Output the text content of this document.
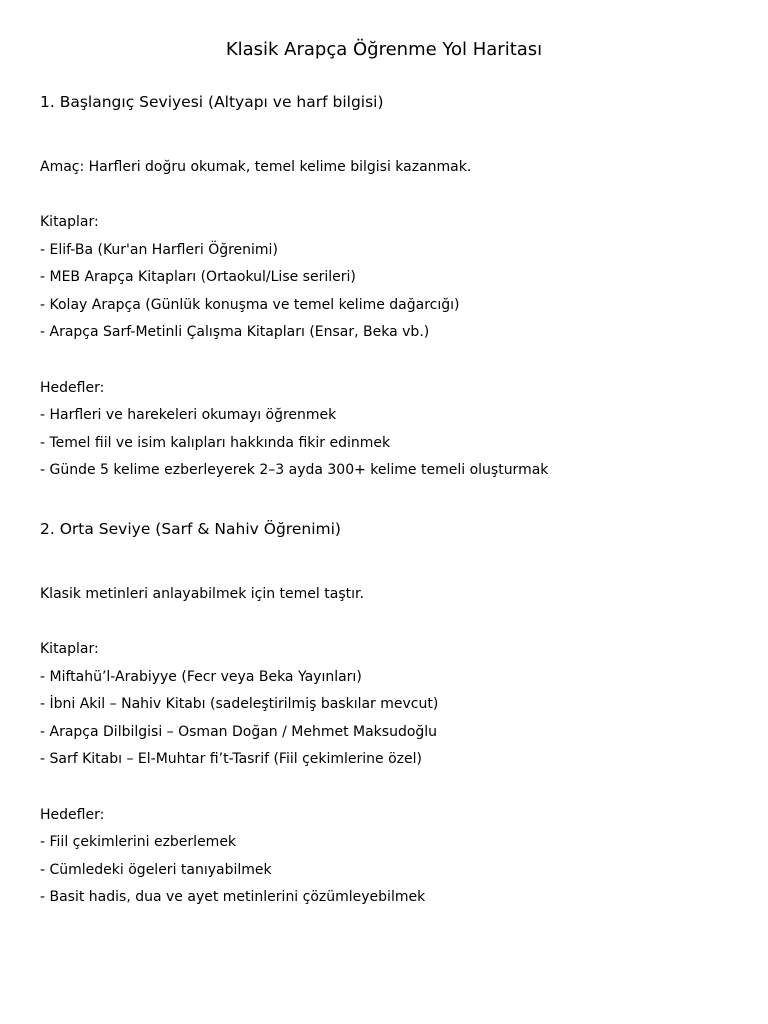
Klasik Arapça Öğrenme Yol Haritası
1. Başlangıç Seviyesi (Altyapı ve harf bilgisi)
Amaç: Harfleri doğru okumak, temel kelime bilgisi kazanmak.
Kitaplar:
- Elif-Ba (Kur'an Harfleri Öğrenimi)
- MEB Arapça Kitapları (Ortaokul/Lise serileri)
- Kolay Arapça (Günlük konuşma ve temel kelime dağarcığı)
- Arapça Sarf-Metinli Çalışma Kitapları (Ensar, Beka vb.)
Hedefler:
- Harfleri ve harekeleri okumayı öğrenmek
- Temel fiil ve isim kalıpları hakkında fikir edinmek
- Günde 5 kelime ezberleyerek 2–3 ayda 300+ kelime temeli oluşturmak
2. Orta Seviye (Sarf & Nahiv Öğrenimi)
Klasik metinleri anlayabilmek için temel taştır.
Kitaplar:
- Miftahü’l-Arabiyye (Fecr veya Beka Yayınları)
- İbni Akil – Nahiv Kitabı (sadeleştirilmiş baskılar mevcut)
- Arapça Dilbilgisi – Osman Doğan / Mehmet Maksudoğlu
- Sarf Kitabı – El-Muhtar fi’t-Tasrif (Fiil çekimlerine özel)
Hedefler:
- Fiil çekimlerini ezberlemek
- Cümledeki ögeleri tanıyabilmek
- Basit hadis, dua ve ayet metinlerini çözümleyebilmek
